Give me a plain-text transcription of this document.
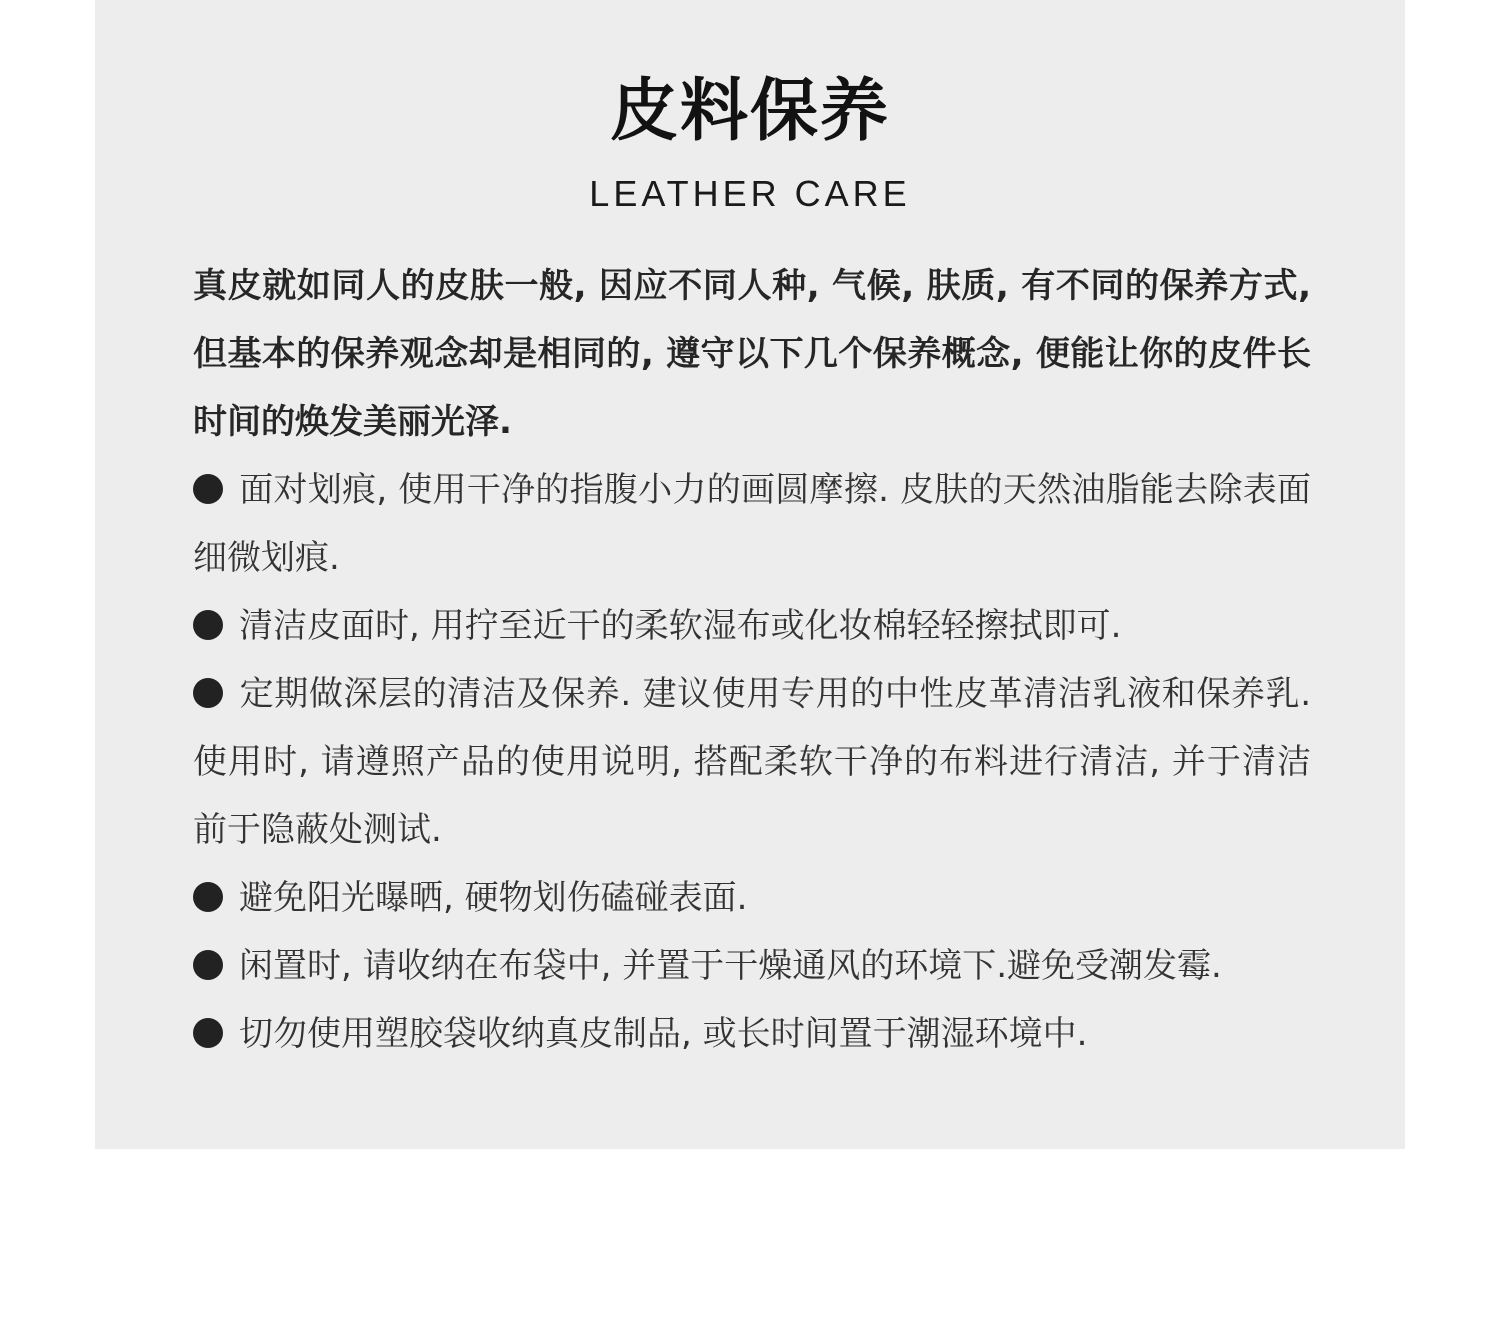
皮料保养
LEATHER CARE
真皮就如同人的皮肤一般, 因应不同人种, 气候, 肤质, 有不同的保养方式, 但基本的保养观念却是相同的, 遵守以下几个保养概念, 便能让你的皮件长时间的焕发美丽光泽.
面对划痕, 使用干净的指腹小力的画圆摩擦. 皮肤的天然油脂能去除表面细微划痕.
清洁皮面时, 用拧至近干的柔软湿布或化妆棉轻轻擦拭即可.
定期做深层的清洁及保养. 建议使用专用的中性皮革清洁乳液和保养乳. 使用时, 请遵照产品的使用说明, 搭配柔软干净的布料进行清洁, 并于清洁前于隐蔽处测试.
避免阳光曝晒, 硬物划伤磕碰表面.
闲置时, 请收纳在布袋中, 并置于干燥通风的环境下.避免受潮发霉.
切勿使用塑胶袋收纳真皮制品, 或长时间置于潮湿环境中.
